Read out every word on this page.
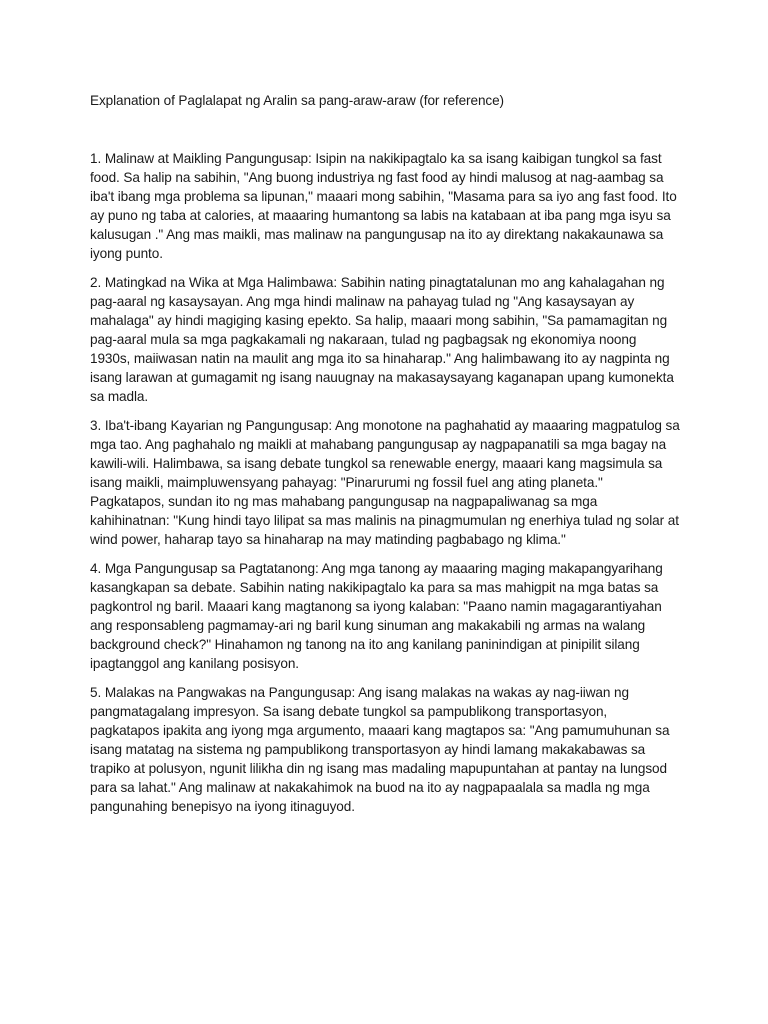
Explanation of Paglalapat ng Aralin sa pang-araw-araw (for reference)

1. Malinaw at Maikling Pangungusap: Isipin na nakikipagtalo ka sa isang kaibigan tungkol sa fast food. Sa halip na sabihin, "Ang buong industriya ng fast food ay hindi malusog at nag-aambag sa iba't ibang mga problema sa lipunan," maaari mong sabihin, "Masama para sa iyo ang fast food. Ito ay puno ng taba at calories, at maaaring humantong sa labis na katabaan at iba pang mga isyu sa kalusugan ." Ang mas maikli, mas malinaw na pangungusap na ito ay direktang nakakaunawa sa iyong punto.

2. Matingkad na Wika at Mga Halimbawa: Sabihin nating pinagtatalunan mo ang kahalagahan ng pag-aaral ng kasaysayan. Ang mga hindi malinaw na pahayag tulad ng "Ang kasaysayan ay mahalaga" ay hindi magiging kasing epekto. Sa halip, maaari mong sabihin, "Sa pamamagitan ng pag-aaral mula sa mga pagkakamali ng nakaraan, tulad ng pagbagsak ng ekonomiya noong 1930s, maiiwasan natin na maulit ang mga ito sa hinaharap." Ang halimbawang ito ay nagpinta ng isang larawan at gumagamit ng isang nauugnay na makasaysayang kaganapan upang kumonekta sa madla.

3. Iba't-ibang Kayarian ng Pangungusap: Ang monotone na paghahatid ay maaaring magpatulog sa mga tao. Ang paghahalo ng maikli at mahabang pangungusap ay nagpapanatili sa mga bagay na kawili-wili. Halimbawa, sa isang debate tungkol sa renewable energy, maaari kang magsimula sa isang maikli, maimpluwensyang pahayag: "Pinarurumi ng fossil fuel ang ating planeta." Pagkatapos, sundan ito ng mas mahabang pangungusap na nagpapaliwanag sa mga kahihinatnan: "Kung hindi tayo lilipat sa mas malinis na pinagmumulan ng enerhiya tulad ng solar at wind power, haharap tayo sa hinaharap na may matinding pagbabago ng klima."

4. Mga Pangungusap sa Pagtatanong: Ang mga tanong ay maaaring maging makapangyarihang kasangkapan sa debate. Sabihin nating nakikipagtalo ka para sa mas mahigpit na mga batas sa pagkontrol ng baril. Maaari kang magtanong sa iyong kalaban: "Paano namin magagarantiyahan ang responsableng pagmamay-ari ng baril kung sinuman ang makakabili ng armas na walang background check?" Hinahamon ng tanong na ito ang kanilang paninindigan at pinipilit silang ipagtanggol ang kanilang posisyon.

5. Malakas na Pangwakas na Pangungusap: Ang isang malakas na wakas ay nag-iiwan ng pangmatagalang impresyon. Sa isang debate tungkol sa pampublikong transportasyon, pagkatapos ipakita ang iyong mga argumento, maaari kang magtapos sa: "Ang pamumuhunan sa isang matatag na sistema ng pampublikong transportasyon ay hindi lamang makakabawas sa trapiko at polusyon, ngunit lilikha din ng isang mas madaling mapupuntahan at pantay na lungsod para sa lahat." Ang malinaw at nakakahimok na buod na ito ay nagpapaalala sa madla ng mga pangunahing benepisyo na iyong itinaguyod.
